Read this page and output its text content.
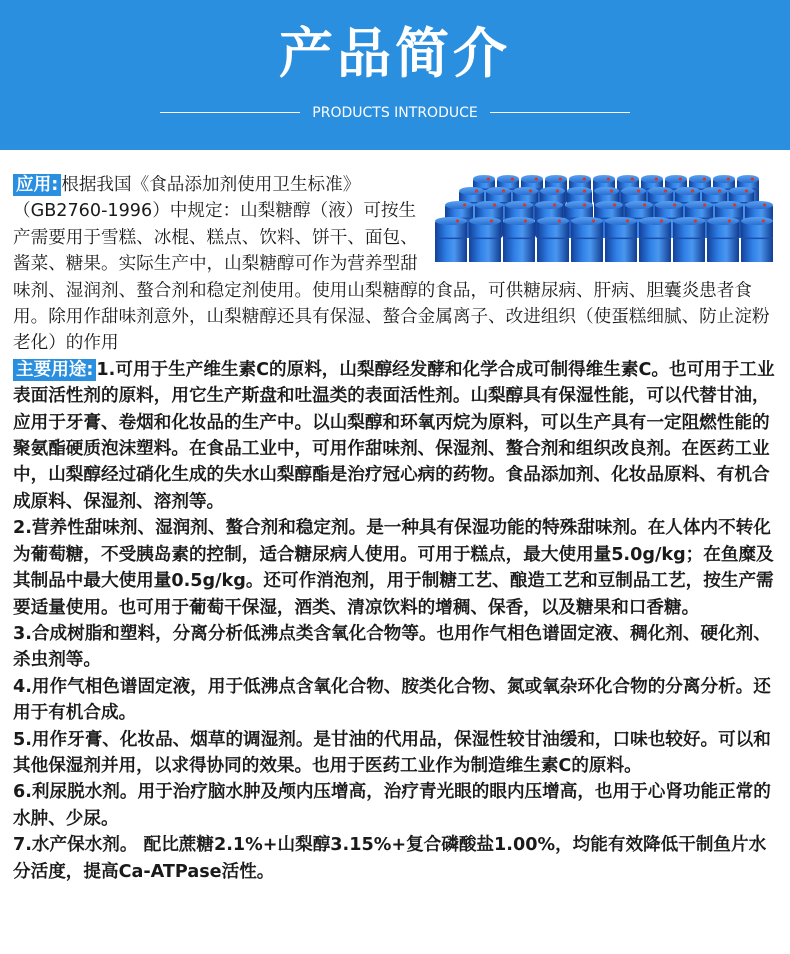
产品简介
PRODUCTS INTRODUCE

应用: 根据我国《食品添加剂使用卫生标准》（GB2760-1996）中规定：山梨糖醇（液）可按生产需要用于雪糕、冰棍、糕点、饮料、饼干、面包、酱菜、糖果。实际生产中，山梨糖醇可作为营养型甜味剂、湿润剂、螯合剂和稳定剂使用。使用山梨糖醇的食品，可供糖尿病、肝病、胆囊炎患者食用。除用作甜味剂意外，山梨糖醇还具有保湿、螯合金属离子、改进组织（使蛋糕细腻、防止淀粉老化）的作用

主要用途: 1.可用于生产维生素C的原料，山梨醇经发酵和化学合成可制得维生素C。也可用于工业表面活性剂的原料，用它生产斯盘和吐温类的表面活性剂。山梨醇具有保湿性能，可以代替甘油，应用于牙膏、卷烟和化妆品的生产中。以山梨醇和环氧丙烷为原料，可以生产具有一定阻燃性能的聚氨酯硬质泡沫塑料。在食品工业中，可用作甜味剂、保湿剂、螯合剂和组织改良剂。在医药工业中，山梨醇经过硝化生成的失水山梨醇酯是治疗冠心病的药物。食品添加剂、化妆品原料、有机合成原料、保湿剂、溶剂等。

2.营养性甜味剂、湿润剂、螯合剂和稳定剂。是一种具有保湿功能的特殊甜味剂。在人体内不转化为葡萄糖，不受胰岛素的控制，适合糖尿病人使用。可用于糕点，最大使用量5.0g/kg；在鱼糜及其制品中最大使用量0.5g/kg。还可作消泡剂，用于制糖工艺、酿造工艺和豆制品工艺，按生产需要适量使用。也可用于葡萄干保湿，酒类、清凉饮料的增稠、保香，以及糖果和口香糖。

3.合成树脂和塑料，分离分析低沸点类含氧化合物等。也用作气相色谱固定液、稠化剂、硬化剂、杀虫剂等。

4.用作气相色谱固定液，用于低沸点含氧化合物、胺类化合物、氮或氧杂环化合物的分离分析。还用于有机合成。

5.用作牙膏、化妆品、烟草的调湿剂。是甘油的代用品，保湿性较甘油缓和，口味也较好。可以和其他保湿剂并用，以求得协同的效果。也用于医药工业作为制造维生素C的原料。

6.利尿脱水剂。用于治疗脑水肿及颅内压增高，治疗青光眼的眼内压增高，也用于心肾功能正常的水肿、少尿。

7.水产保水剂。 配比蔗糖2.1%+山梨醇3.15%+复合磷酸盐1.00%，均能有效降低干制鱼片水分活度，提高Ca-ATPase活性。
